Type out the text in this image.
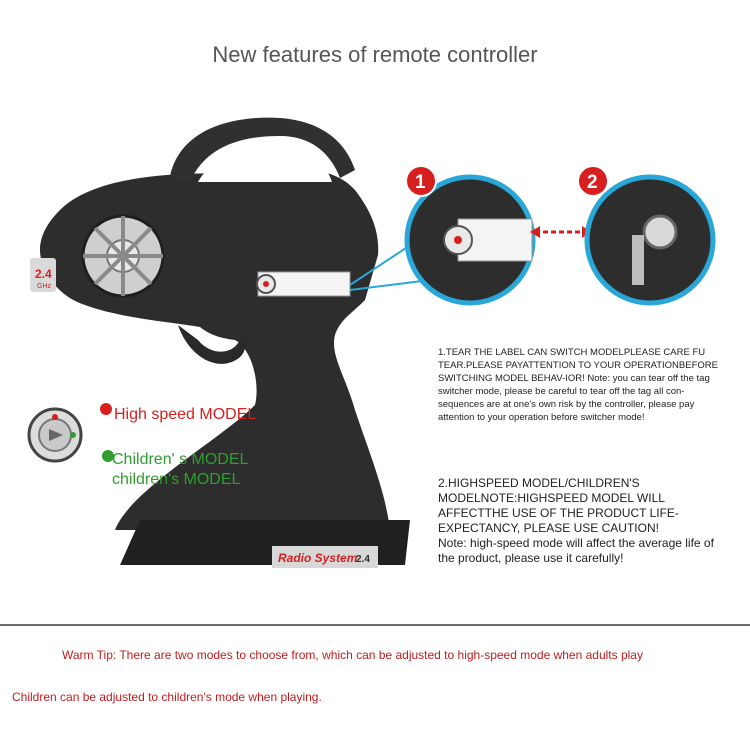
New features of remote controller
2.4
GHz
Radio System
2.4
1	2
High speed MODEL
Children' s MODEL
children's MODEL
1.TEAR THE LABEL CAN SWITCH MODELPLEASE CARE FU TEAR.PLEASE PAYATTENTION TO YOUR OPERATIONBEFORE SWITCHING MODEL BEHAV-IOR! Note: you can tear off the tag switcher mode, please be careful to tear off the tag all con-sequences are at one's own risk by the controller, please pay attention to your operation before switcher mode!
2.HIGHSPEED MODEL/CHILDREN'S MODELNOTE:HIGHSPEED MODEL WILL AFFECTTHE USE OF THE PRODUCT LIFE-EXPECTANCY, PLEASE USE CAUTION!
Note: high-speed mode will affect the average life of the product, please use it carefully!
Warm Tip: There are two modes to choose from, which can be adjusted to high-speed mode when adults play
Children can be adjusted to children's mode when playing.
